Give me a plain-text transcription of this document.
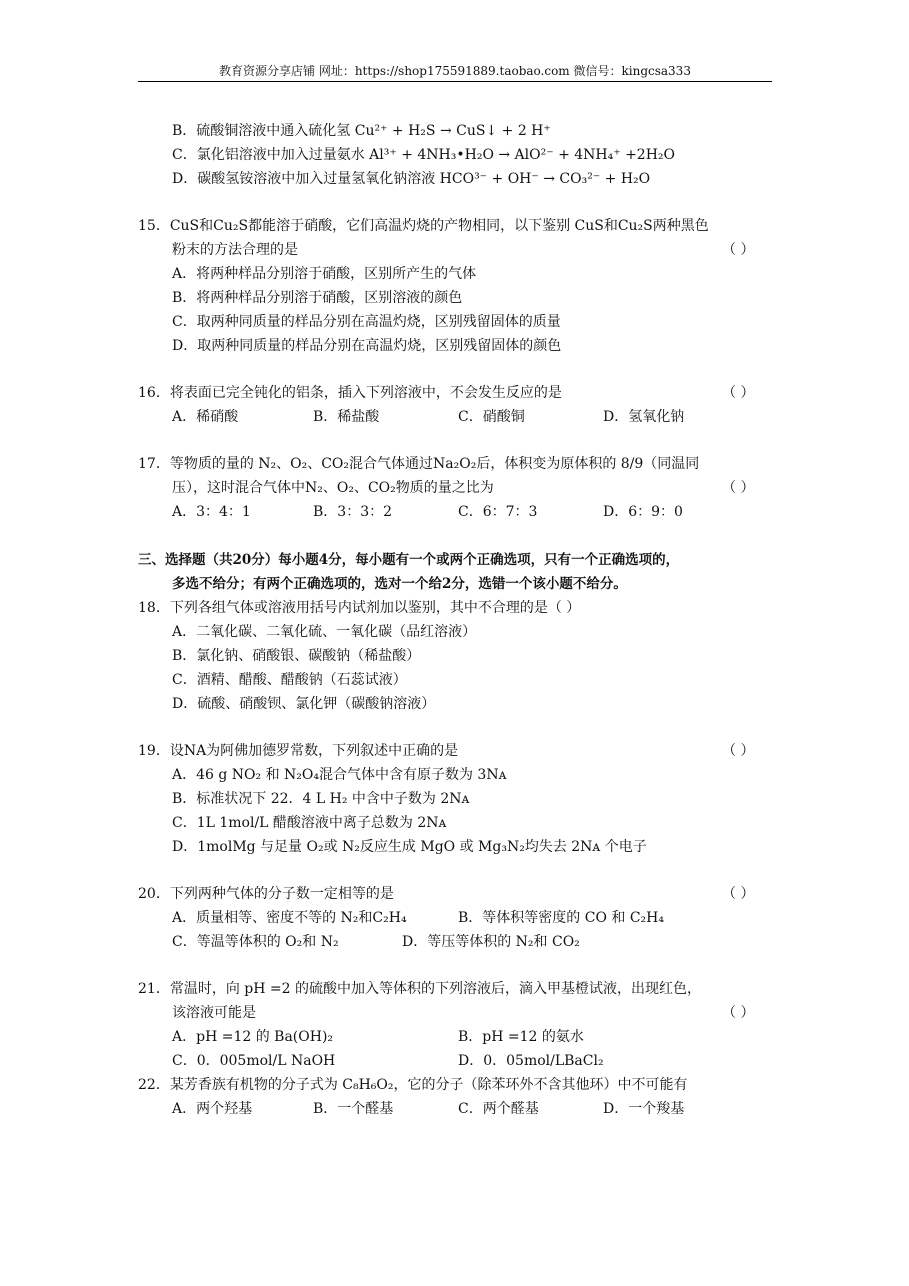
教育资源分享店铺 网址：https://shop175591889.taobao.com 微信号：kingcsa333
B．硫酸铜溶液中通入硫化氢 Cu²⁺ + H₂S → CuS↓ + 2 H⁺
C．氯化铝溶液中加入过量氨水 Al³⁺ + 4NH₃•H₂O → AlO²⁻ + 4NH₄⁺ +2H₂O
D．碳酸氢铵溶液中加入过量氢氧化钠溶液 HCO³⁻ + OH⁻ → CO₃²⁻ + H₂O
15．CuS和Cu₂S都能溶于硝酸，它们高温灼烧的产物相同，以下鉴别 CuS和Cu₂S两种黑色
粉末的方法合理的是	（ ）
A．将两种样品分别溶于硝酸，区别所产生的气体
B．将两种样品分别溶于硝酸，区别溶液的颜色
C．取两种同质量的样品分别在高温灼烧，区别残留固体的质量
D．取两种同质量的样品分别在高温灼烧，区别残留固体的颜色
16．将表面已完全钝化的铝条，插入下列溶液中，不会发生反应的是	（ ）
A．稀硝酸	B．稀盐酸	C．硝酸铜	D．氢氧化钠
17．等物质的量的 N₂、O₂、CO₂混合气体通过Na₂O₂后，体积变为原体积的 8/9（同温同
压），这时混合气体中N₂、O₂、CO₂物质的量之比为	（ ）
A．3：4：1	B．3：3：2	C．6：7：3	D．6：9：0
三、选择题（共20分）每小题4分，每小题有一个或两个正确选项，只有一个正确选项的，
多选不给分；有两个正确选项的，选对一个给2分，选错一个该小题不给分。
18．下列各组气体或溶液用括号内试剂加以鉴别，其中不合理的是（ ）
A．二氧化碳、二氧化硫、一氧化碳（品红溶液）
B．氯化钠、硝酸银、碳酸钠（稀盐酸）
C．酒精、醋酸、醋酸钠（石蕊试液）
D．硫酸、硝酸钡、氯化钾（碳酸钠溶液）
19．设NA为阿佛加德罗常数，下列叙述中正确的是	（ ）
A．46 g NO₂ 和 N₂O₄混合气体中含有原子数为 3Nᴀ
B．标准状况下 22．4 L H₂ 中含中子数为 2Nᴀ
C．1L 1mol/L 醋酸溶液中离子总数为 2Nᴀ
D．1molMg 与足量 O₂或 N₂反应生成 MgO 或 Mg₃N₂均失去 2Nᴀ 个电子
20．下列两种气体的分子数一定相等的是	（ ）
A．质量相等、密度不等的 N₂和C₂H₄	B．等体积等密度的 CO 和 C₂H₄
C．等温等体积的 O₂和 N₂	D．等压等体积的 N₂和 CO₂
21．常温时，向 pH =2 的硫酸中加入等体积的下列溶液后，滴入甲基橙试液，出现红色，
该溶液可能是	（ ）
A．pH =12 的 Ba(OH)₂	B．pH =12 的氨水
C．0．005mol/L NaOH	D．0．05mol/LBaCl₂
22．某芳香族有机物的分子式为 C₈H₆O₂，它的分子（除苯环外不含其他环）中不可能有
A．两个羟基	B．一个醛基	C．两个醛基	D．一个羧基
